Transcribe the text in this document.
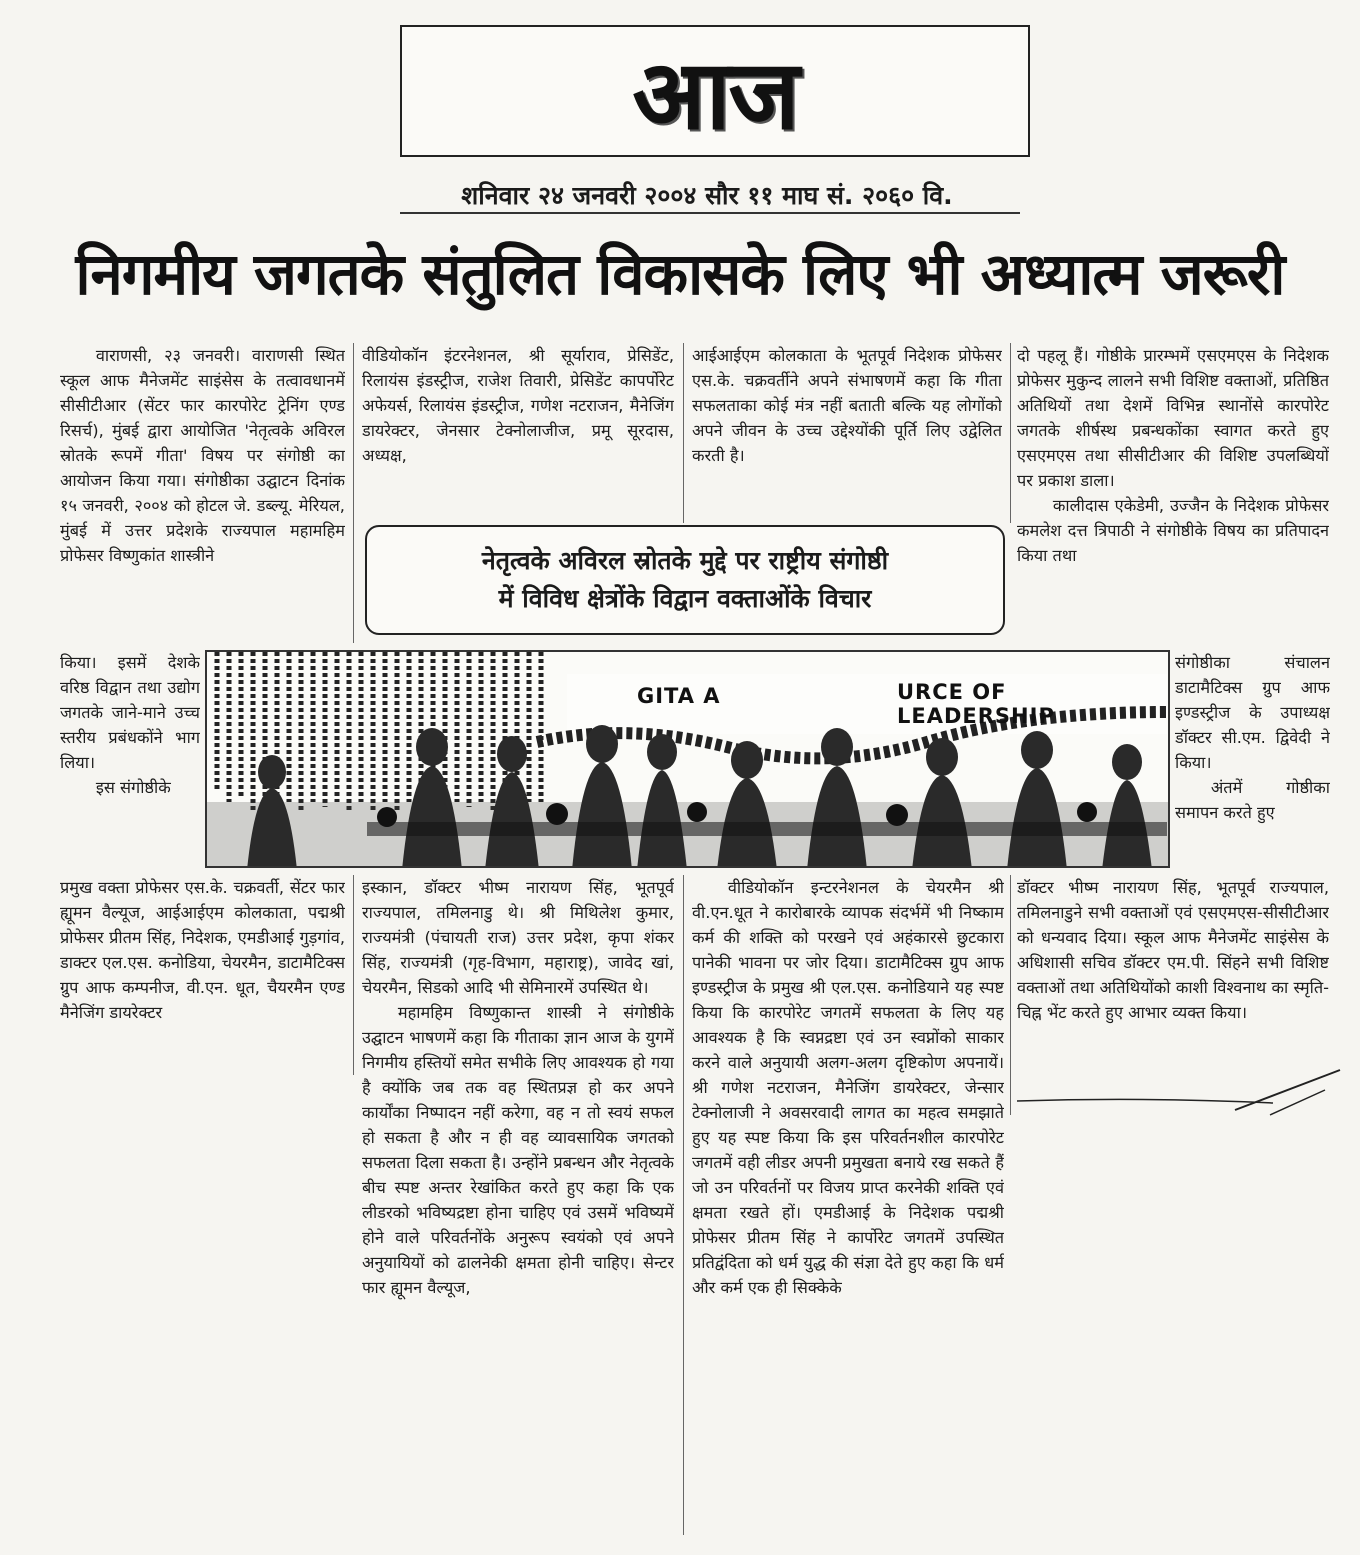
आज
शनिवार २४ जनवरी २००४ सौर ११ माघ सं. २०६० वि.
निगमीय जगतके संतुलित विकासके लिए भी अध्यात्म जरूरी

वाराणसी, २३ जनवरी। वाराणसी स्थित स्कूल आफ मैनेजमेंट साइंसेस के तत्वावधानमें सीसीटीआर (सेंटर फार कारपोरेट ट्रेनिंग एण्ड रिसर्च), मुंबई द्वारा आयोजित 'नेतृत्वके अविरल स्रोतके रूपमें गीता' विषय पर संगोष्ठी का आयोजन किया गया। संगोष्ठीका उद्घाटन दिनांक १५ जनवरी, २००४ को होटल जे. डब्ल्यू. मेरियल, मुंबई में उत्तर प्रदेशके राज्यपाल महामहिम प्रोफेसर विष्णुकांत शास्त्रीने

किया। इसमें देशके वरिष्ठ विद्वान तथा उद्योग जगतके जाने-माने उच्च स्तरीय प्रबंधकोंने भाग लिया।

इस संगोष्ठीके

प्रमुख वक्ता प्रोफेसर एस.के. चक्रवर्ती, सेंटर फार ह्यूमन वैल्यूज, आईआईएम कोलकाता, पद्मश्री प्रोफेसर प्रीतम सिंह, निदेशक, एमडीआई गुड़गांव, डाक्टर एल.एस. कनोडिया, चेयरमैन, डाटामैटिक्स ग्रुप आफ कम्पनीज, वी.एन. धूत, चैयरमैन एण्ड मैनेजिंग डायरेक्टर

वीडियोकॉन इंटरनेशनल, श्री सूर्याराव, प्रेसिडेंट, रिलायंस इंडस्ट्रीज, राजेश तिवारी, प्रेसिडेंट कापर्पोरेट अफेयर्स, रिलायंस इंडस्ट्रीज, गणेश नटराजन, मैनेजिंग डायरेक्टर, जेनसार टेक्नोलाजीज, प्रमू सूरदास, अध्यक्ष,

इस्कान, डॉक्टर भीष्म नारायण सिंह, भूतपूर्व राज्यपाल, तमिलनाडु थे। श्री मिथिलेश कुमार, राज्यमंत्री (पंचायती राज) उत्तर प्रदेश, कृपा शंकर सिंह, राज्यमंत्री (गृह-विभाग, महाराष्ट्र), जावेद खां, चेयरमैन, सिडको आदि भी सेमिनारमें उपस्थित थे।

महामहिम विष्णुकान्त शास्त्री ने संगोष्ठीके उद्घाटन भाषणमें कहा कि गीताका ज्ञान आज के युगमें निगमीय हस्तियों समेत सभीके लिए आवश्यक हो गया है क्योंकि जब तक वह स्थितप्रज्ञ हो कर अपने कार्योंका निष्पादन नहीं करेगा, वह न तो स्वयं सफल हो सकता है और न ही वह व्यावसायिक जगतको सफलता दिला सकता है। उन्होंने प्रबन्धन और नेतृत्वके बीच स्पष्ट अन्तर रेखांकित करते हुए कहा कि एक लीडरको भविष्यद्रष्टा होना चाहिए एवं उसमें भविष्यमें होने वाले परिवर्तनोंके अनुरूप स्वयंको एवं अपने अनुयायियों को ढालनेकी क्षमता होनी चाहिए। सेन्टर फार ह्यूमन वैल्यूज,

आईआईएम कोलकाता के भूतपूर्व निदेशक प्रोफेसर एस.के. चक्रवर्तीने अपने संभाषणमें कहा कि गीता सफलताका कोई मंत्र नहीं बताती बल्कि यह लोगोंको अपने जीवन के उच्च उद्देश्योंकी पूर्ति लिए उद्वेलित करती है।

वीडियोकॉन इन्टरनेशनल के चेयरमैन श्री वी.एन.धूत ने कारोबारके व्यापक संदर्भमें भी निष्काम कर्म की शक्ति को परखने एवं अहंकारसे छुटकारा पानेकी भावना पर जोर दिया। डाटामैटिक्स ग्रुप आफ इण्डस्ट्रीज के प्रमुख श्री एल.एस. कनोडियाने यह स्पष्ट किया कि कारपोरेट जगतमें सफलता के लिए यह आवश्यक है कि स्वप्नद्रष्टा एवं उन स्वप्नोंको साकार करने वाले अनुयायी अलग-अलग दृष्टिकोण अपनायें। श्री गणेश नटराजन, मैनेजिंग डायरेक्टर, जेन्सार टेक्नोलाजी ने अवसरवादी लागत का महत्व समझाते हुए यह स्पष्ट किया कि इस परिवर्तनशील कारपोरेट जगतमें वही लीडर अपनी प्रमुखता बनाये रख सकते हैं जो उन परिवर्तनों पर विजय प्राप्त करनेकी शक्ति एवं क्षमता रखते हों। एमडीआई के निदेशक पद्मश्री प्रोफेसर प्रीतम सिंह ने कार्पोरेट जगतमें उपस्थित प्रतिद्वंदिता को धर्म युद्ध की संज्ञा देते हुए कहा कि धर्म और कर्म एक ही सिक्केके

दो पहलू हैं। गोष्ठीके प्रारम्भमें एसएमएस के निदेशक प्रोफेसर मुकुन्द लालने सभी विशिष्ट वक्ताओं, प्रतिष्ठित अतिथियों तथा देशमें विभिन्न स्थानोंसे कारपोरेट जगतके शीर्षस्थ प्रबन्धकोंका स्वागत करते हुए एसएमएस तथा सीसीटीआर की विशिष्ट उपलब्धियों पर प्रकाश डाला।

कालीदास एकेडेमी, उज्जैन के निदेशक प्रोफेसर कमलेश दत्त त्रिपाठी ने संगोष्ठीके विषय का प्रतिपादन किया तथा

संगोष्ठीका संचालन डाटामैटिक्स ग्रुप आफ इण्डस्ट्रीज के उपाध्यक्ष डॉक्टर सी.एम. द्विवेदी ने किया।

अंतमें गोष्ठीका समापन करते हुए

डॉक्टर भीष्म नारायण सिंह, भूतपूर्व राज्यपाल, तमिलनाडुने सभी वक्ताओं एवं एसएमएस-सीसीटीआर को धन्यवाद दिया। स्कूल आफ मैनेजमेंट साइंसेस के अधिशासी सचिव डॉक्टर एम.पी. सिंहने सभी विशिष्ट वक्ताओं तथा अतिथियोंको काशी विश्वनाथ का स्मृति-चिह्न भेंट करते हुए आभार व्यक्त किया।

नेतृत्वके अविरल स्रोतके मुद्दे पर राष्ट्रीय संगोष्ठी
में विविध क्षेत्रोंके विद्वान वक्ताओंके विचार
GITA A	URCE OF LEADERSHIP
